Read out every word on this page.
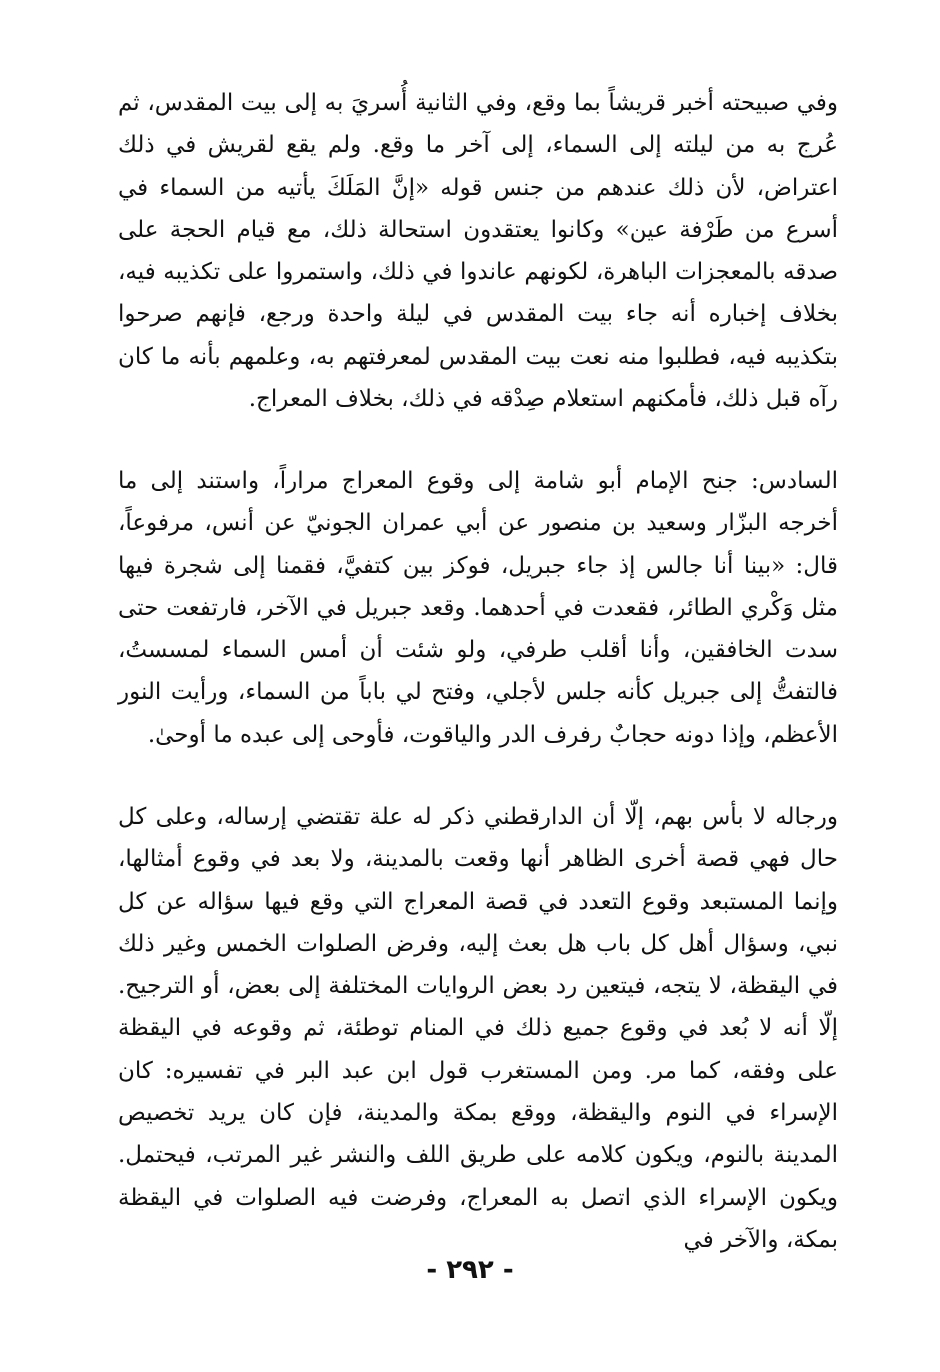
وفي صبيحته أخبر قريشاً بما وقع، وفي الثانية أُسريَ به إلى بيت المقدس، ثم عُرج به من ليلته إلى السماء، إلى آخر ما وقع. ولم يقع لقريش في ذلك اعتراض، لأن ذلك عندهم من جنس قوله «إنَّ المَلَكَ يأتيه من السماء في أسرع من طَرْفة عين» وكانوا يعتقدون استحالة ذلك، مع قيام الحجة على صدقه بالمعجزات الباهرة، لكونهم عاندوا في ذلك، واستمروا على تكذيبه فيه، بخلاف إخباره أنه جاء بيت المقدس في ليلة واحدة ورجع، فإنهم صرحوا بتكذيبه فيه، فطلبوا منه نعت بيت المقدس لمعرفتهم به، وعلمهم بأنه ما كان رآه قبل ذلك، فأمكنهم استعلام صِدْقه في ذلك، بخلاف المعراج.

السادس: جنح الإمام أبو شامة إلى وقوع المعراج مراراً، واستند إلى ما أخرجه البزّار وسعيد بن منصور عن أبي عمران الجونيّ عن أنس، مرفوعاً، قال: «بينا أنا جالس إذ جاء جبريل، فوكز بين كتفيَّ، فقمنا إلى شجرة فيها مثل وَكْري الطائر، فقعدت في أحدهما. وقعد جبريل في الآخر، فارتفعت حتى سدت الخافقين، وأنا أقلب طرفي، ولو شئت أن أمس السماء لمسستُ، فالتفتُّ إلى جبريل كأنه جلس لأجلي، وفتح لي باباً من السماء، ورأيت النور الأعظم، وإذا دونه حجابٌ رفرف الدر والياقوت، فأوحى إلى عبده ما أوحىٰ.

ورجاله لا بأس بهم، إلّا أن الدارقطني ذكر له علة تقتضي إرساله، وعلى كل حال فهي قصة أخرى الظاهر أنها وقعت بالمدينة، ولا بعد في وقوع أمثالها، وإنما المستبعد وقوع التعدد في قصة المعراج التي وقع فيها سؤاله عن كل نبي، وسؤال أهل كل باب هل بعث إليه، وفرض الصلوات الخمس وغير ذلك في اليقظة، لا يتجه، فيتعين رد بعض الروايات المختلفة إلى بعض، أو الترجيح. إلّا أنه لا بُعد في وقوع جميع ذلك في المنام توطئة، ثم وقوعه في اليقظة على وفقه، كما مر. ومن المستغرب قول ابن عبد البر في تفسيره: كان الإسراء في النوم واليقظة، ووقع بمكة والمدينة، فإن كان يريد تخصيص المدينة بالنوم، ويكون كلامه على طريق اللف والنشر غير المرتب، فيحتمل. ويكون الإسراء الذي اتصل به المعراج، وفرضت فيه الصلوات في اليقظة بمكة، والآخر في

- ٢٩٢ -
